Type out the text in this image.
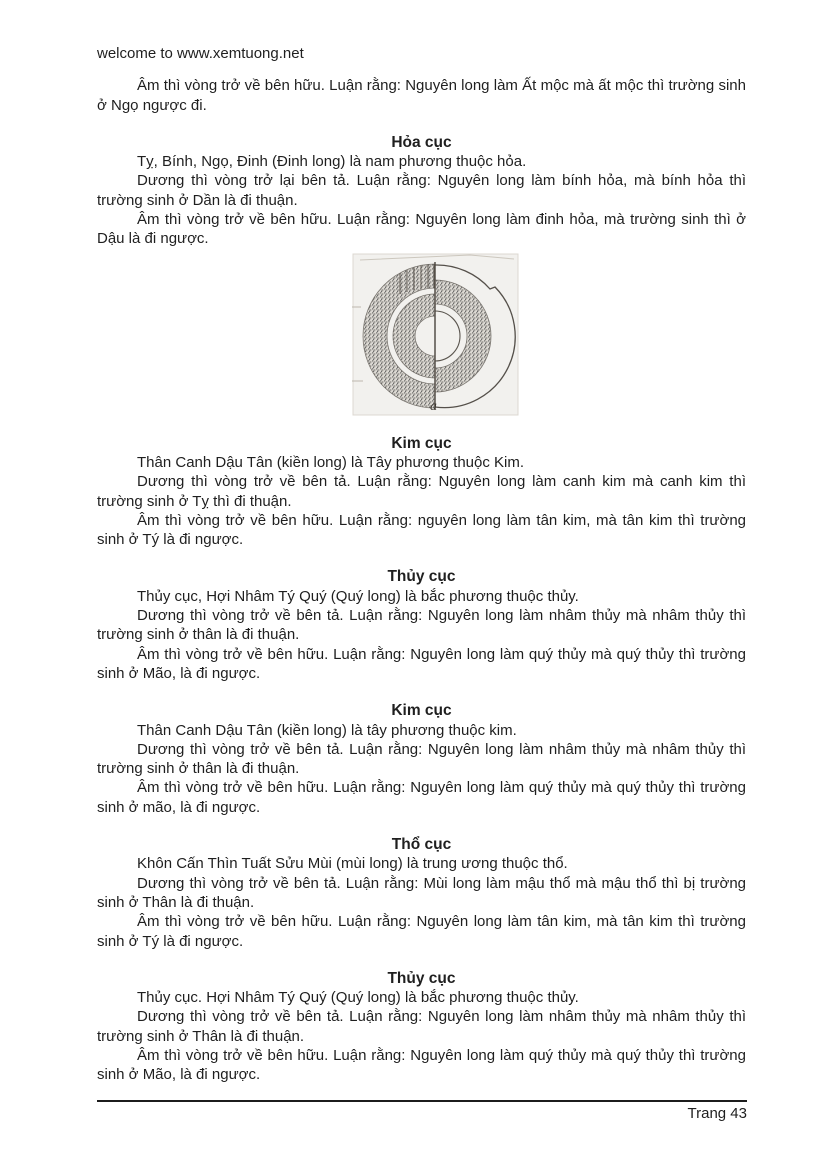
welcome to www.xemtuong.net

Âm thì vòng trở về bên hữu. Luận rằng: Nguyên long làm Ất mộc mà ất mộc thì trường sinh ở Ngọ ngược đi.

Hỏa cục

Tỵ, Bính, Ngọ, Đinh (Đinh long) là nam phương thuộc hỏa.

Dương thì vòng trở lại bên tả. Luận rằng: Nguyên long làm bính hỏa, mà bính hỏa thì trường sinh ở Dần là đi thuận.

Âm thì vòng trở về bên hữu. Luận rằng: Nguyên long làm đinh hỏa, mà trường sinh thì ở Dậu là đi ngược.

a
Kim cục

Thân Canh Dậu Tân (kiền long) là Tây phương thuộc Kim.

Dương thì vòng trở về bên tả. Luận rằng: Nguyên long làm canh kim mà canh kim thì trường sinh ở Tỵ thì đi thuận.

Âm thì vòng trở về bên hữu. Luận rằng: nguyên long làm tân kim, mà tân kim thì trường sinh ở Tý là đi ngược.

Thủy cục

Thủy cục, Hợi Nhâm Tý Quý (Quý long) là bắc phương thuộc thủy.

Dương thì vòng trở về bên tả. Luận rằng: Nguyên long làm nhâm thủy mà nhâm thủy thì trường sinh ở thân là đi thuận.

Âm thì vòng trở về bên hữu. Luận rằng: Nguyên long làm quý thủy mà quý thủy thì trường sinh ở Mão, là đi ngược.

Kim cục

Thân Canh Dậu Tân (kiền long) là tây phương thuộc kim.

Dương thì vòng trở về bên tả. Luận rằng: Nguyên long làm nhâm thủy mà nhâm thủy thì trường sinh ở thân là đi thuận.

Âm thì vòng trở về bên hữu. Luận rằng: Nguyên long làm quý thủy mà quý thủy thì trường sinh ở mão, là đi ngược.

Thổ cục

Khôn Cấn Thìn Tuất Sửu Mùi (mùi long) là trung ương thuộc thổ.

Dương thì vòng trở về bên tả. Luận rằng: Mùi long làm mậu thổ mà mậu thổ thì bị trường sinh ở Thân là đi thuận.

Âm thì vòng trở về bên hữu. Luận rằng: Nguyên long làm tân kim, mà tân kim thì trường sinh ở Tý là đi ngược.

Thủy cục

Thủy cục. Hợi Nhâm Tý Quý (Quý long) là bắc phương thuộc thủy.

Dương thì vòng trở về bên tả. Luận rằng: Nguyên long làm nhâm thủy mà nhâm thủy thì trường sinh ở Thân là đi thuận.

Âm thì vòng trở về bên hữu. Luận rằng: Nguyên long làm quý thủy mà quý thủy thì trường sinh ở Mão, là đi ngược.

Trang 43
